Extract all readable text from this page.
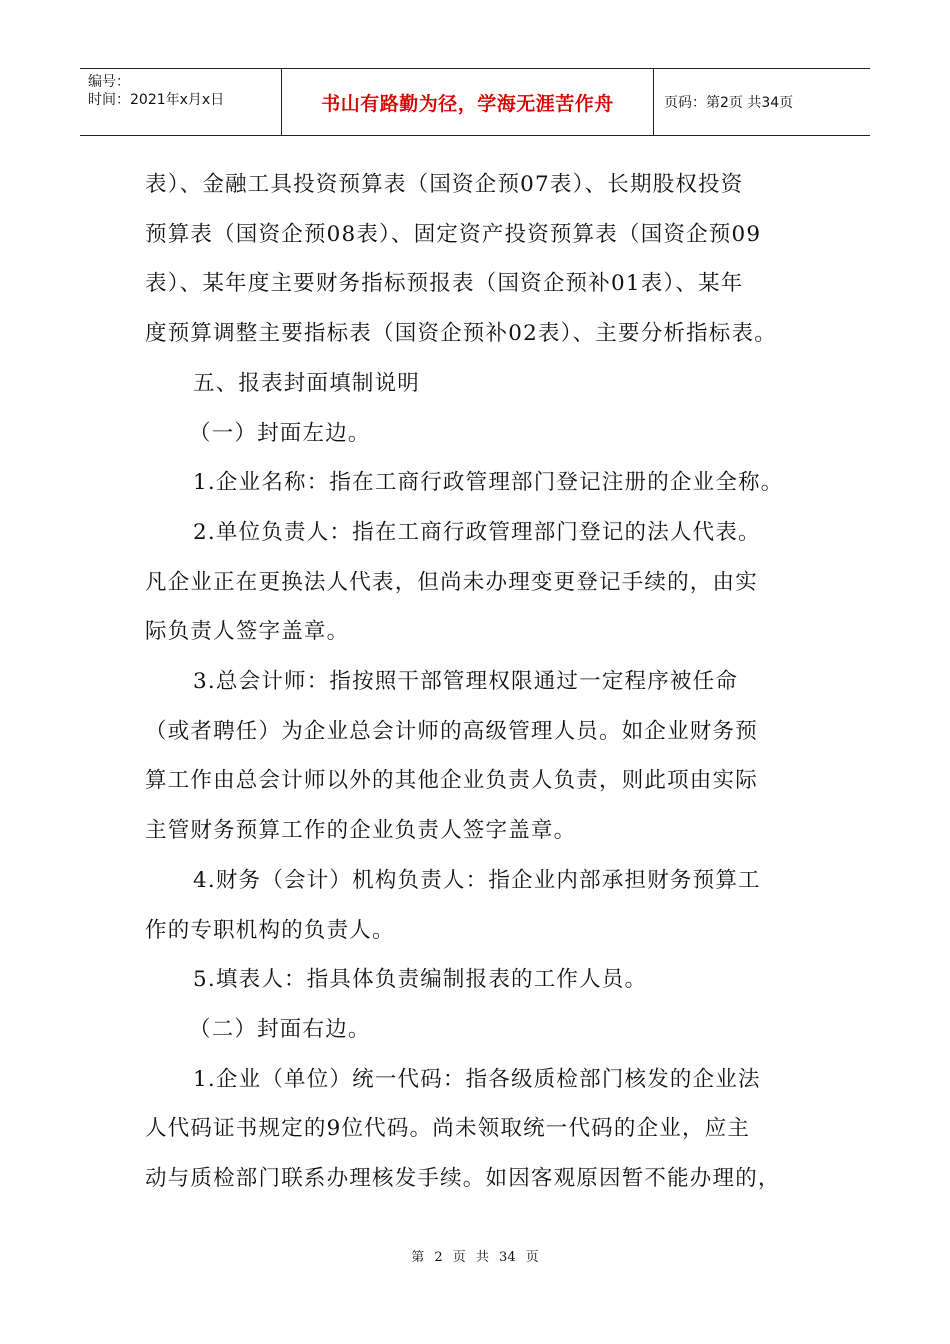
编号：
时间：2021年x月x日	书山有路勤为径，学海无涯苦作舟	页码：第2页 共34页

表）、金融工具投资预算表（国资企预07表）、长期股权投资

预算表（国资企预08表）、固定资产投资预算表（国资企预09

表）、某年度主要财务指标预报表（国资企预补01表）、某年

度预算调整主要指标表（国资企预补02表）、主要分析指标表。

五、报表封面填制说明

（一）封面左边。

1.企业名称：指在工商行政管理部门登记注册的企业全称。

2.单位负责人：指在工商行政管理部门登记的法人代表。

凡企业正在更换法人代表，但尚未办理变更登记手续的，由实

际负责人签字盖章。

3.总会计师：指按照干部管理权限通过一定程序被任命

（或者聘任）为企业总会计师的高级管理人员。如企业财务预

算工作由总会计师以外的其他企业负责人负责，则此项由实际

主管财务预算工作的企业负责人签字盖章。

4.财务（会计）机构负责人：指企业内部承担财务预算工

作的专职机构的负责人。

5.填表人：指具体负责编制报表的工作人员。

（二）封面右边。

1.企业（单位）统一代码：指各级质检部门核发的企业法

人代码证书规定的9位代码。尚未领取统一代码的企业，应主

动与质检部门联系办理核发手续。如因客观原因暂不能办理的，

第 2 页 共 34 页
